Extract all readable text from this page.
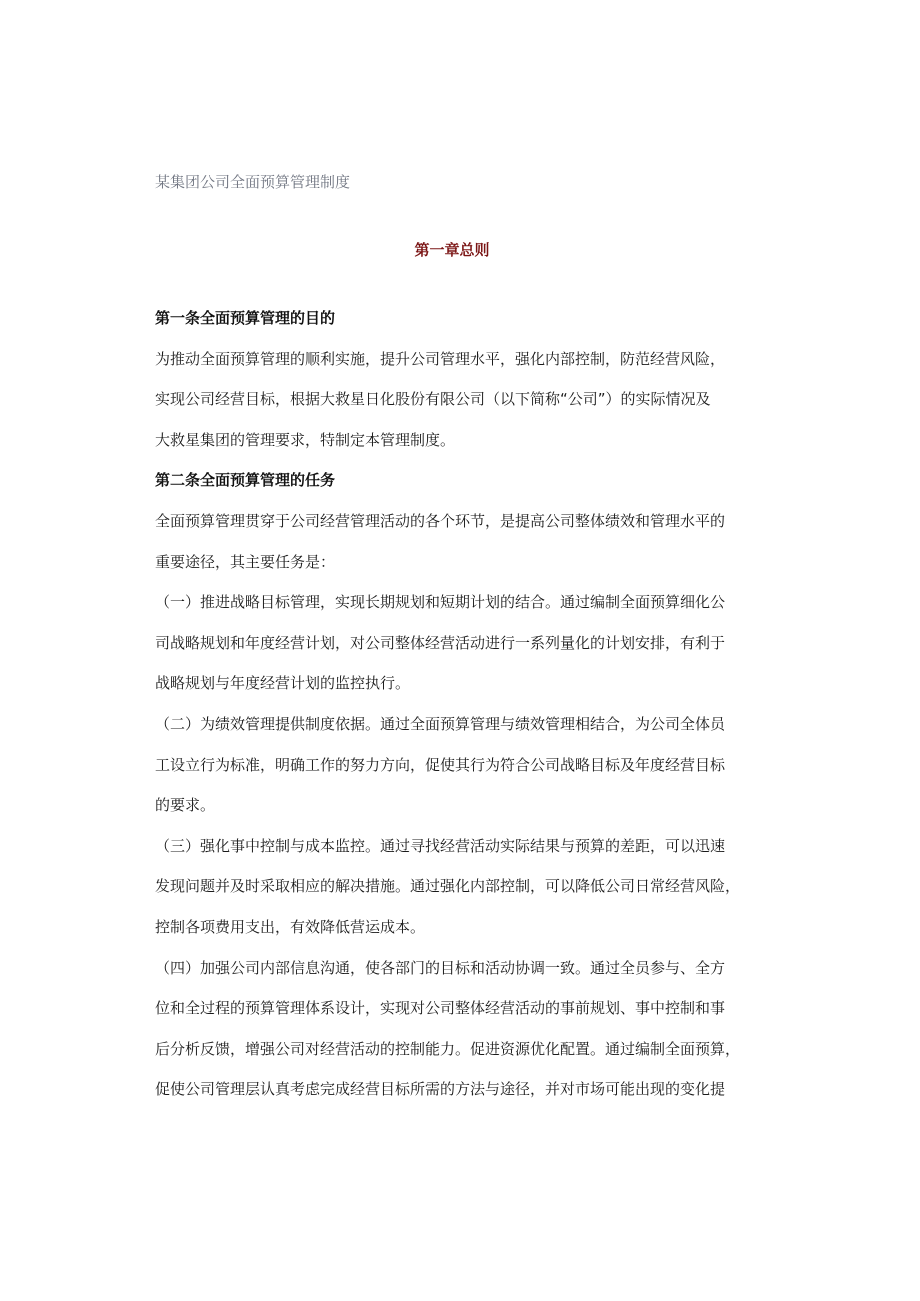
某集团公司全面预算管理制度
第一章总则
第一条全面预算管理的目的
为推动全面预算管理的顺利实施，提升公司管理水平，强化内部控制，防范经营风险，
实现公司经营目标，根据大救星日化股份有限公司（以下简称“公司”）的实际情况及
大救星集团的管理要求，特制定本管理制度。
第二条全面预算管理的任务
全面预算管理贯穿于公司经营管理活动的各个环节，是提高公司整体绩效和管理水平的
重要途径，其主要任务是：
（一）推进战略目标管理，实现长期规划和短期计划的结合。通过编制全面预算细化公
司战略规划和年度经营计划，对公司整体经营活动进行一系列量化的计划安排，有利于
战略规划与年度经营计划的监控执行。
（二）为绩效管理提供制度依据。通过全面预算管理与绩效管理相结合，为公司全体员
工设立行为标准，明确工作的努力方向，促使其行为符合公司战略目标及年度经营目标
的要求。
（三）强化事中控制与成本监控。通过寻找经营活动实际结果与预算的差距，可以迅速
发现问题并及时采取相应的解决措施。通过强化内部控制，可以降低公司日常经营风险，
控制各项费用支出，有效降低营运成本。
（四）加强公司内部信息沟通，使各部门的目标和活动协调一致。通过全员参与、全方
位和全过程的预算管理体系设计，实现对公司整体经营活动的事前规划、事中控制和事
后分析反馈，增强公司对经营活动的控制能力。促进资源优化配置。通过编制全面预算，
促使公司管理层认真考虑完成经营目标所需的方法与途径，并对市场可能出现的变化提
